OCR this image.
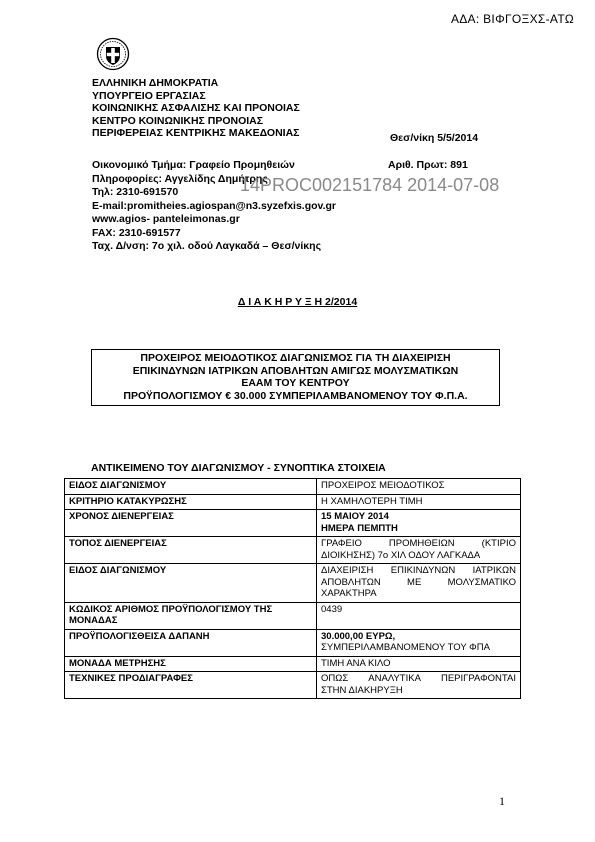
ΑΔΑ: ΒΙΦΓΟΞΧΣ-ΑΤΩ
ΕΛΛΗΝΙΚΗ ΔΗΜΟΚΡΑΤΙΑ
ΥΠΟΥΡΓΕΙΟ ΕΡΓΑΣΙΑΣ
ΚΟΙΝΩΝΙΚΗΣ ΑΣΦΑΛΙΣΗΣ ΚΑΙ ΠΡΟΝΟΙΑΣ
ΚΕΝΤΡΟ ΚΟΙΝΩΝΙΚΗΣ ΠΡΟΝΟΙΑΣ
ΠΕΡΙΦΕΡΕΙΑΣ ΚΕΝΤΡΙΚΗΣ ΜΑΚΕΔΟΝΙΑΣ	Θεσ/νίκη 5/5/2014
Οικονομικό Τμήμα: Γραφείο Προμηθειών
Πληροφορίες: Αγγελίδης Δημήτρης
Τηλ: 2310-691570
E-mail:promitheies.agiospan@n3.syzefxis.gov.gr
www.agios- panteleimonas.gr
FAX: 2310-691577
Ταχ. Δ/νση: 7ο χιλ. οδού Λαγκαδά – Θεσ/νίκης
Αριθ. Πρωτ: 891
14PROC002151784 2014-07-08
Δ Ι Α Κ Η Ρ Υ Ξ Η 2/2014
ΠΡΟΧΕΙΡΟΣ ΜΕΙΟΔΟΤΙΚΟΣ ΔΙΑΓΩΝΙΣΜΟΣ ΓΙΑ ΤΗ ΔΙΑΧΕΙΡΙΣΗ
ΕΠΙΚΙΝΔΥΝΩΝ ΙΑΤΡΙΚΩΝ ΑΠΟΒΛΗΤΩΝ ΑΜΙΓΩΣ ΜΟΛΥΣΜΑΤΙΚΩΝ
ΕΑΑΜ ΤΟΥ ΚΕΝΤΡΟΥ
ΠΡΟΫΠΟΛΟΓΙΣΜΟΥ € 30.000 ΣΥΜΠΕΡΙΛΑΜΒΑΝΟΜΕΝΟΥ ΤΟΥ Φ.Π.Α.
ΑΝΤΙΚΕΙΜΕΝΟ ΤΟΥ ΔΙΑΓΩΝΙΣΜΟΥ - ΣΥΝΟΠΤΙΚΑ ΣΤΟΙΧΕΙΑ
ΕΙΔΟΣ ΔΙΑΓΩΝΙΣΜΟΥ	ΠΡΟΧΕΙΡΟΣ ΜΕΙΟΔΟΤΙΚΟΣ
ΚΡΙΤΗΡΙΟ ΚΑΤΑΚΥΡΩΣΗΣ	Η ΧΑΜΗΛΟΤΕΡΗ ΤΙΜΗ
ΧΡΟΝΟΣ ΔΙΕΝΕΡΓΕΙΑΣ	15 ΜΑΙΟΥ 2014
ΗΜΕΡΑ ΠΕΜΠΤΗ

ΤΟΠΟΣ ΔΙΕΝΕΡΓΕΙΑΣ	ΓΡΑΦΕΙΟ ΠΡΟΜΗΘΕΙΩΝ (ΚΤΙΡΙΟ
ΔΙΟΙΚΗΣΗΣ) 7ο ΧΙΛ ΟΔΟΥ ΛΑΓΚΑΔΑ

ΕΙΔΟΣ ΔΙΑΓΩΝΙΣΜΟΥ	ΔΙΑΧΕΙΡΙΣΗ ΕΠΙΚΙΝΔΥΝΩΝ ΙΑΤΡΙΚΩΝ
ΑΠΟΒΛΗΤΩΝ ΜΕ ΜΟΛΥΣΜΑΤΙΚΟ
ΧΑΡΑΚΤΗΡΑ

ΚΩΔΙΚΟΣ ΑΡΙΘΜΟΣ ΠΡΟΫΠΟΛΟΓΙΣΜΟΥ ΤΗΣ ΜΟΝΑΔΑΣ	0439
ΠΡΟΫΠΟΛΟΓΙΣΘΕΙΣΑ ΔΑΠΑΝΗ	30.000,00 ΕΥΡΩ,
ΣΥΜΠΕΡΙΛΑΜΒΑΝΟΜΕΝΟΥ ΤΟΥ ΦΠΑ

ΜΟΝΑΔΑ ΜΕΤΡΗΣΗΣ	ΤΙΜΗ ΑΝΑ ΚΙΛΟ
ΤΕΧΝΙΚΕΣ ΠΡΟΔΙΑΓΡΑΦΕΣ	ΟΠΩΣ ΑΝΑΛΥΤΙΚΑ ΠΕΡΙΓΡΑΦΟΝΤΑΙ
ΣΤΗΝ ΔΙΑΚΗΡΥΞΗ
1
